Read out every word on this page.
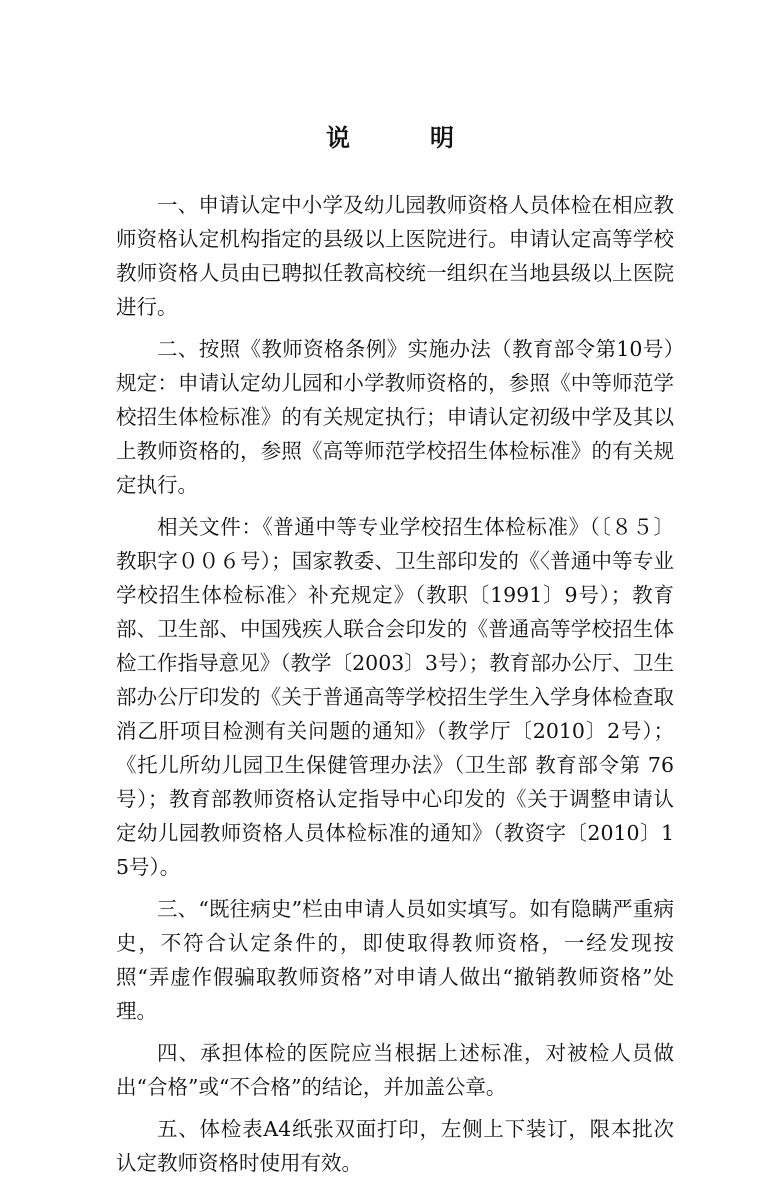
说　明

一、申请认定中小学及幼儿园教师资格人员体检在相应教师资格认定机构指定的县级以上医院进行。申请认定高等学校教师资格人员由已聘拟任教高校统一组织在当地县级以上医院进行。

二、按照《教师资格条例》实施办法（教育部令第10号）规定：申请认定幼儿园和小学教师资格的，参照《中等师范学校招生体检标准》的有关规定执行；申请认定初级中学及其以上教师资格的，参照《高等师范学校招生体检标准》的有关规定执行。

相关文件：《普通中等专业学校招生体检标准》（〔８５〕教职字００６号）；国家教委、卫生部印发的《〈普通中等专业学校招生体检标准〉补充规定》（教职〔1991〕9号）；教育部、卫生部、中国残疾人联合会印发的《普通高等学校招生体检工作指导意见》（教学〔2003〕3号）；教育部办公厅、卫生部办公厅印发的《关于普通高等学校招生学生入学身体检查取消乙肝项目检测有关问题的通知》（教学厅〔2010〕2号）；《托儿所幼儿园卫生保健管理办法》（卫生部 教育部令第 76 号）；教育部教师资格认定指导中心印发的《关于调整申请认定幼儿园教师资格人员体检标准的通知》（教资字〔2010〕15号）。

三、“既往病史”栏由申请人员如实填写。如有隐瞒严重病史，不符合认定条件的，即使取得教师资格，一经发现按照“弄虚作假骗取教师资格”对申请人做出“撤销教师资格”处理。

四、承担体检的医院应当根据上述标准，对被检人员做出“合格”或“不合格”的结论，并加盖公章。

五、体检表A4纸张双面打印，左侧上下装订，限本批次认定教师资格时使用有效。
